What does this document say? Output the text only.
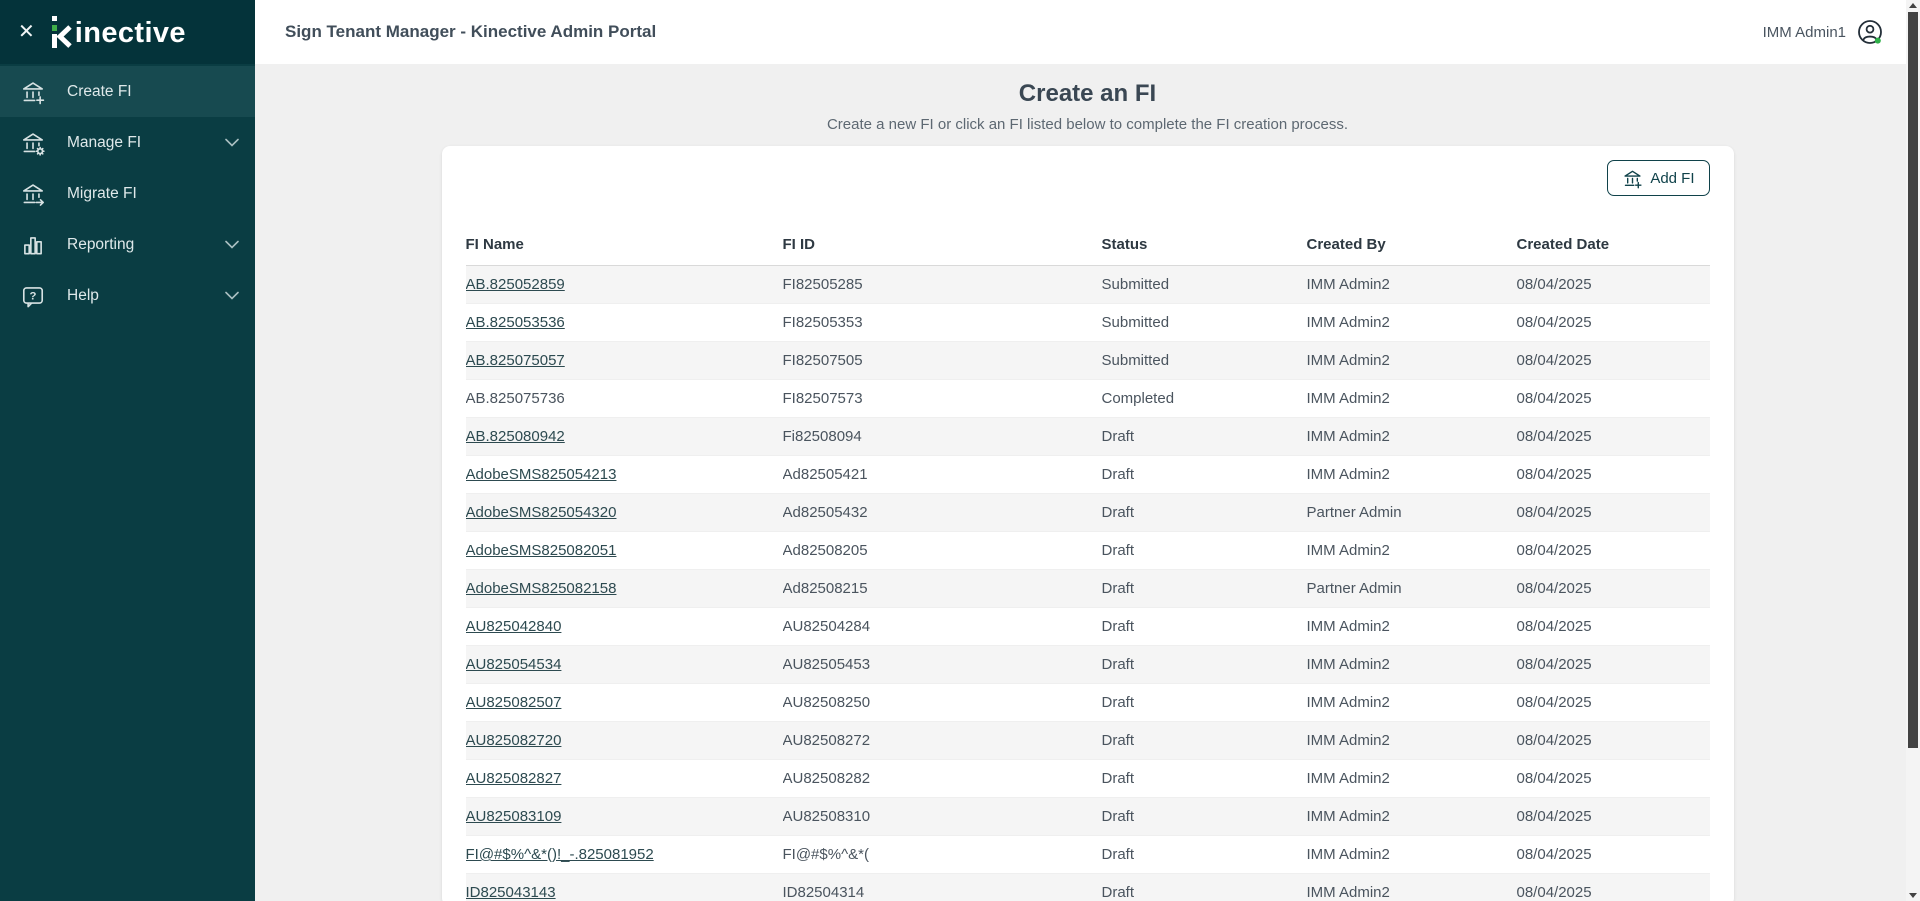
✕ inective
Create FI
Manage FI
Migrate FI
Reporting
? Help
Sign Tenant Manager - Kinective Admin Portal	IMM Admin1
Create an FI

Create a new FI or click an FI listed below to complete the FI creation process.

Add FI
FI Name	FI ID	Status	Created By	Created Date
AB.825052859	FI82505285	Submitted	IMM Admin2	08/04/2025
AB.825053536	FI82505353	Submitted	IMM Admin2	08/04/2025
AB.825075057	FI82507505	Submitted	IMM Admin2	08/04/2025
AB.825075736	FI82507573	Completed	IMM Admin2	08/04/2025
AB.825080942	Fi82508094	Draft	IMM Admin2	08/04/2025
AdobeSMS825054213	Ad82505421	Draft	IMM Admin2	08/04/2025
AdobeSMS825054320	Ad82505432	Draft	Partner Admin	08/04/2025
AdobeSMS825082051	Ad82508205	Draft	IMM Admin2	08/04/2025
AdobeSMS825082158	Ad82508215	Draft	Partner Admin	08/04/2025
AU825042840	AU82504284	Draft	IMM Admin2	08/04/2025
AU825054534	AU82505453	Draft	IMM Admin2	08/04/2025
AU825082507	AU82508250	Draft	IMM Admin2	08/04/2025
AU825082720	AU82508272	Draft	IMM Admin2	08/04/2025
AU825082827	AU82508282	Draft	IMM Admin2	08/04/2025
AU825083109	AU82508310	Draft	IMM Admin2	08/04/2025
FI@#$%^&*()!_-.825081952	FI@#$%^&*(	Draft	IMM Admin2	08/04/2025
ID825043143	ID82504314	Draft	IMM Admin2	08/04/2025
